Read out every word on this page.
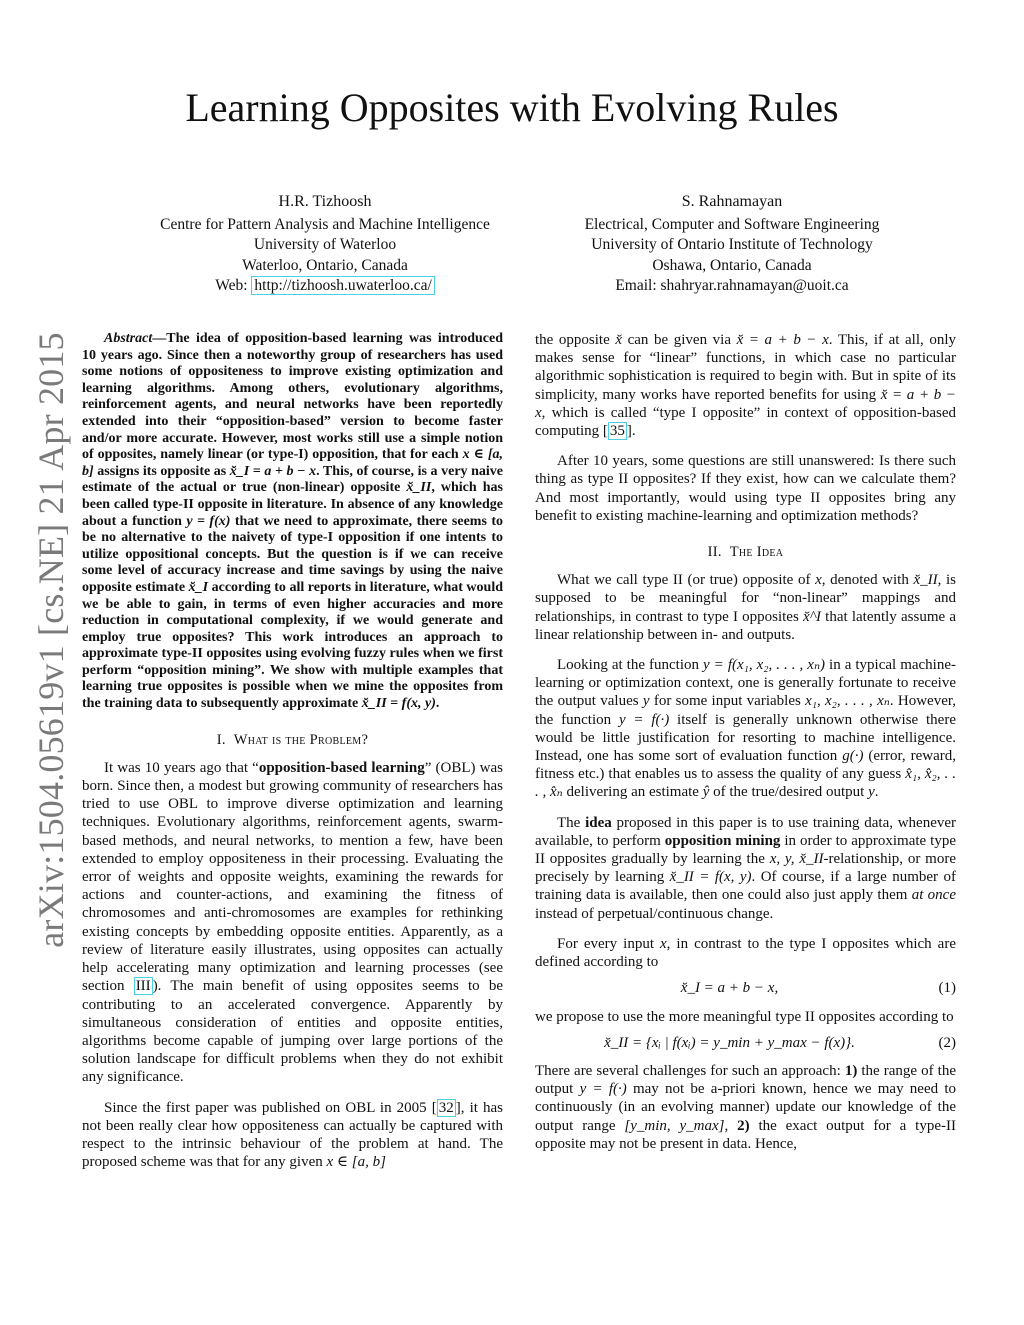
arXiv:1504.05619v1 [cs.NE] 21 Apr 2015
Learning Opposites with Evolving Rules
H.R. Tizhoosh
Centre for Pattern Analysis and Machine Intelligence
University of Waterloo
Waterloo, Ontario, Canada
Web: http://tizhoosh.uwaterloo.ca/
S. Rahnamayan
Electrical, Computer and Software Engineering
University of Ontario Institute of Technology
Oshawa, Ontario, Canada
Email: shahryar.rahnamayan@uoit.ca

Abstract—The idea of opposition-based learning was introduced 10 years ago. Since then a noteworthy group of researchers has used some notions of oppositeness to improve existing optimization and learning algorithms. Among others, evolutionary algorithms, reinforcement agents, and neural networks have been reportedly extended into their “opposition-based” version to become faster and/or more accurate. However, most works still use a simple notion of opposites, namely linear (or type-I) opposition, that for each x ∈ [a, b] assigns its opposite as x̆_I = a + b − x. This, of course, is a very naive estimate of the actual or true (non-linear) opposite x̆_II, which has been called type-II opposite in literature. In absence of any knowledge about a function y = f(x) that we need to approximate, there seems to be no alternative to the naivety of type-I opposition if one intents to utilize oppositional concepts. But the question is if we can receive some level of accuracy increase and time savings by using the naive opposite estimate x̆_I according to all reports in literature, what would we be able to gain, in terms of even higher accuracies and more reduction in computational complexity, if we would generate and employ true opposites? This work introduces an approach to approximate type-II opposites using evolving fuzzy rules when we first perform “opposition mining”. We show with multiple examples that learning true opposites is possible when we mine the opposites from the training data to subsequently approximate x̆_II = f(x, y).

I. What is the Problem?

It was 10 years ago that “opposition-based learning” (OBL) was born. Since then, a modest but growing community of researchers has tried to use OBL to improve diverse optimization and learning techniques. Evolutionary algorithms, reinforcement agents, swarm-based methods, and neural networks, to mention a few, have been extended to employ oppositeness in their processing. Evaluating the error of weights and opposite weights, examining the rewards for actions and counter-actions, and examining the fitness of chromosomes and anti-chromosomes are examples for rethinking existing concepts by embedding opposite entities. Apparently, as a review of literature easily illustrates, using opposites can actually help accelerating many optimization and learning processes (see section III ). The main benefit of using opposites seems to be contributing to an accelerated convergence. Apparently by simultaneous consideration of entities and opposite entities, algorithms become capable of jumping over large portions of the solution landscape for difficult problems when they do not exhibit any significance.

Since the first paper was published on OBL in 2005 [ 32 ], it has not been really clear how oppositeness can actually be captured with respect to the intrinsic behaviour of the problem at hand. The proposed scheme was that for any given x ∈ [a, b]

the opposite x̆ can be given via x̆ = a + b − x. This, if at all, only makes sense for “linear” functions, in which case no particular algorithmic sophistication is required to begin with. But in spite of its simplicity, many works have reported benefits for using x̆ = a + b − x, which is called “type I opposite” in context of opposition-based computing [ 35 ].

After 10 years, some questions are still unanswered: Is there such thing as type II opposites? If they exist, how can we calculate them? And most importantly, would using type II opposites bring any benefit to existing machine-learning and optimization methods?

II. The Idea

What we call type II (or true) opposite of x, denoted with x̆_II, is supposed to be meaningful for “non-linear” mappings and relationships, in contrast to type I opposites x̆^I that latently assume a linear relationship between in- and outputs.

Looking at the function y = f(x₁, x₂, . . . , xₙ) in a typical machine-learning or optimization context, one is generally fortunate to receive the output values y for some input variables x₁, x₂, . . . , xₙ. However, the function y = f(·) itself is generally unknown otherwise there would be little justification for resorting to machine intelligence. Instead, one has some sort of evaluation function g(·) (error, reward, fitness etc.) that enables us to assess the quality of any guess x̂₁, x̂₂, . . . , x̂ₙ delivering an estimate ŷ of the true/desired output y.

The idea proposed in this paper is to use training data, whenever available, to perform opposition mining in order to approximate type II opposites gradually by learning the x, y, x̆_II-relationship, or more precisely by learning x̆_II = f(x, y). Of course, if a large number of training data is available, then one could also just apply them at once instead of perpetual/continuous change.

For every input x, in contrast to the type I opposites which are defined according to

x̆_I = a + b − x,	(1)

we propose to use the more meaningful type II opposites according to

x̆_II = {xᵢ | f(xᵢ) = y_min + y_max − f(x)}.	(2)

There are several challenges for such an approach: 1) the range of the output y = f(·) may not be a-priori known, hence we may need to continuously (in an evolving manner) update our knowledge of the output range [y_min, y_max], 2) the exact output for a type-II opposite may not be present in data. Hence,
